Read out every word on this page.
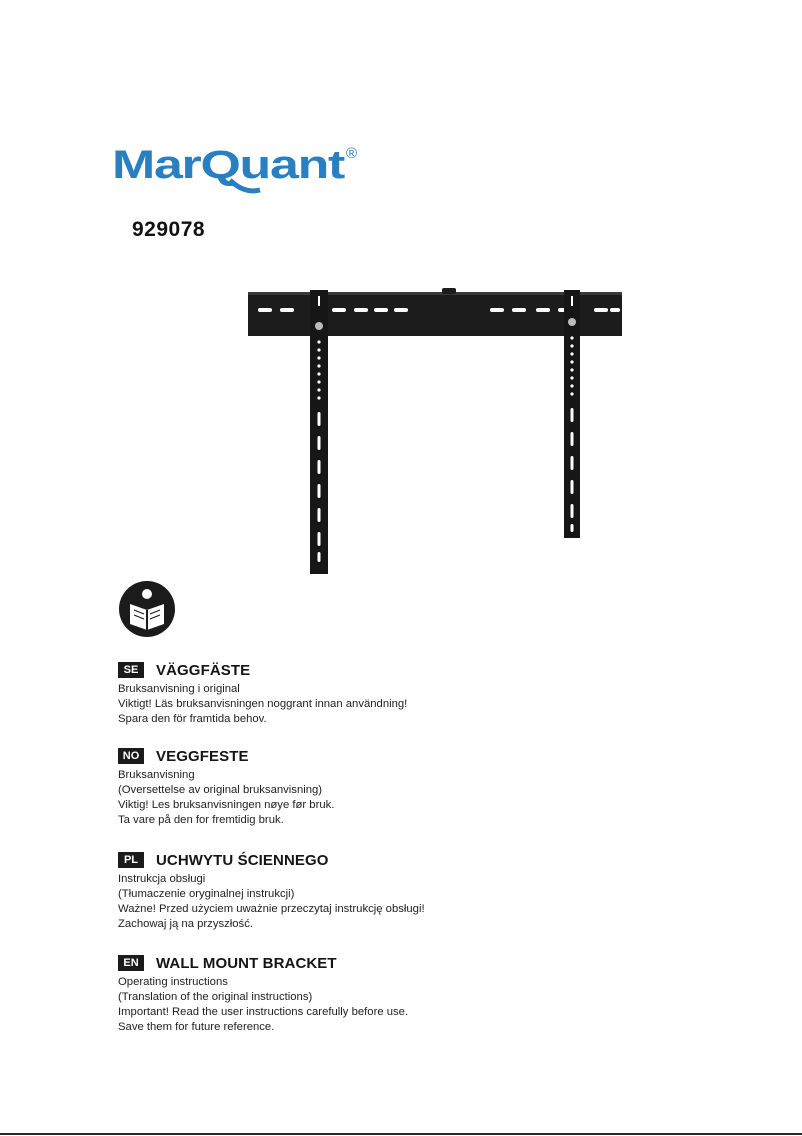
MarQuant ®
929078
SE	VÄGGFÄSTE
Bruksanvisning i original
Viktigt! Läs bruksanvisningen noggrant innan användning!
Spara den för framtida behov.
NO	VEGGFESTE
Bruksanvisning
(Oversettelse av original bruksanvisning)
Viktig! Les bruksanvisningen nøye før bruk.
Ta vare på den for fremtidig bruk.
PL	UCHWYTU ŚCIENNEGO
Instrukcja obsługi
(Tłumaczenie oryginalnej instrukcji)
Ważne! Przed użyciem uważnie przeczytaj instrukcję obsługi!
Zachowaj ją na przyszłość.
EN	WALL MOUNT BRACKET
Operating instructions
(Translation of the original instructions)
Important! Read the user instructions carefully before use.
Save them for future reference.
